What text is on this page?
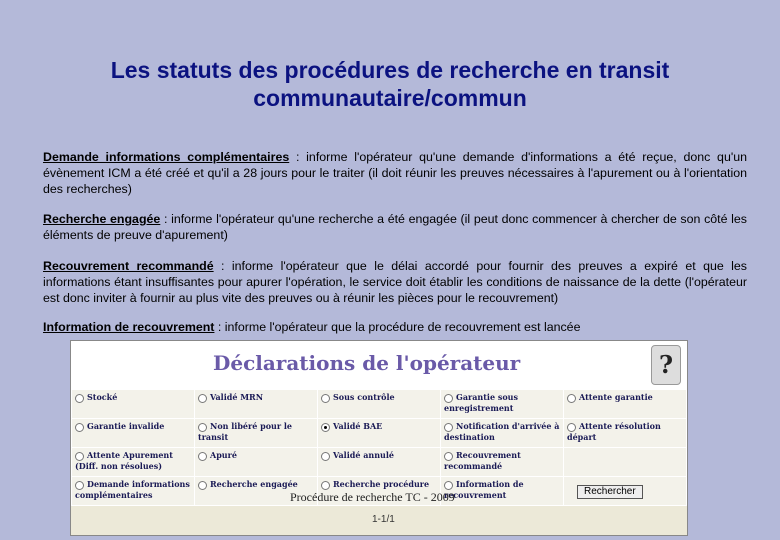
Les statuts des procédures de recherche en transit communautaire/commun

Demande informations complémentaires : informe l'opérateur qu'une demande d'informations a été reçue, donc qu'un évènement ICM a été créé et qu'il a 28 jours pour le traiter (il doit réunir les preuves nécessaires à l'apurement ou à l'orientation des recherches)

Recherche engagée : informe l'opérateur qu'une recherche a été engagée (il peut donc commencer à chercher de son côté les éléments de preuve d'apurement)

Recouvrement recommandé : informe l'opérateur que le délai accordé pour fournir des preuves a expiré et que les informations étant insuffisantes pour apurer l'opération, le service doit établir les conditions de naissance de la dette (l'opérateur est donc inviter à fournir au plus vite des preuves ou à réunir les pièces pour le recouvrement)

Information de recouvrement : informe l'opérateur que la procédure de recouvrement est lancée

Déclarations de l'opérateur	?
Stocké	Validé MRN	Sous contrôle	Garantie sous enregistrement	Attente garantie
Garantie invalide	Non libéré pour le transit	Validé BAE	Notification d'arrivée à destination	Attente résolution départ
Attente Apurement (Diff. non résolues)	Apuré	Validé annulé	Recouvrement recommandé	
Demande informations complémentaires	Recherche engagée	Recherche procédure	Information de recouvrement	Rechercher
Procédure de recherche TC - 2009
1-1/1
